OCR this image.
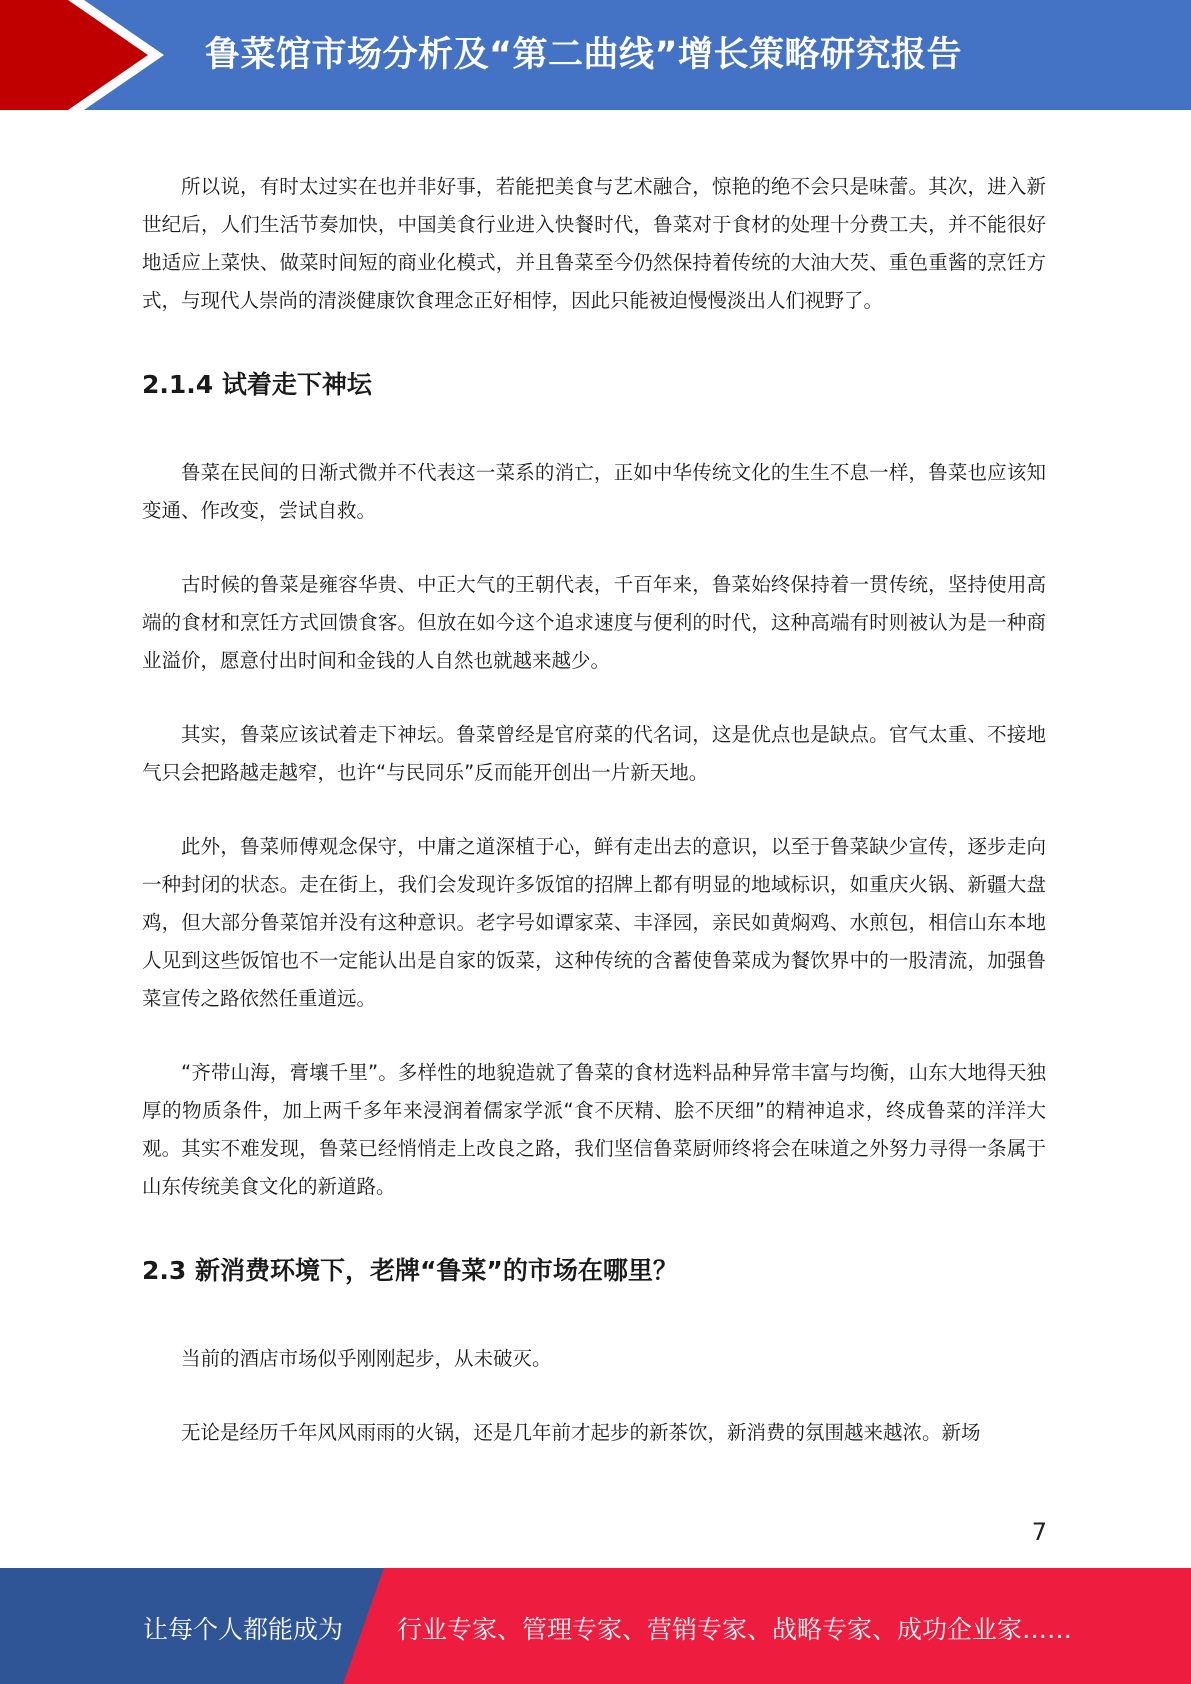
鲁菜馆市场分析及“第二曲线”增长策略研究报告

所以说，有时太过实在也并非好事，若能把美食与艺术融合，惊艳的绝不会只是味蕾。其次，进入新世纪后，人们生活节奏加快，中国美食行业进入快餐时代，鲁菜对于食材的处理十分费工夫，并不能很好地适应上菜快、做菜时间短的商业化模式，并且鲁菜至今仍然保持着传统的大油大芡、重色重酱的烹饪方式，与现代人崇尚的清淡健康饮食理念正好相悖，因此只能被迫慢慢淡出人们视野了。

2.1.4 试着走下神坛

鲁菜在民间的日渐式微并不代表这一菜系的消亡，正如中华传统文化的生生不息一样，鲁菜也应该知变通、作改变，尝试自救。

古时候的鲁菜是雍容华贵、中正大气的王朝代表，千百年来，鲁菜始终保持着一贯传统，坚持使用高端的食材和烹饪方式回馈食客。但放在如今这个追求速度与便利的时代，这种高端有时则被认为是一种商业溢价，愿意付出时间和金钱的人自然也就越来越少。

其实，鲁菜应该试着走下神坛。鲁菜曾经是官府菜的代名词，这是优点也是缺点。官气太重、不接地气只会把路越走越窄，也许“与民同乐”反而能开创出一片新天地。

此外，鲁菜师傅观念保守，中庸之道深植于心，鲜有走出去的意识，以至于鲁菜缺少宣传，逐步走向一种封闭的状态。走在街上，我们会发现许多饭馆的招牌上都有明显的地域标识，如重庆火锅、新疆大盘鸡，但大部分鲁菜馆并没有这种意识。老字号如谭家菜、丰泽园，亲民如黄焖鸡、水煎包，相信山东本地人见到这些饭馆也不一定能认出是自家的饭菜，这种传统的含蓄使鲁菜成为餐饮界中的一股清流，加强鲁菜宣传之路依然任重道远。

“齐带山海，膏壤千里”。多样性的地貌造就了鲁菜的食材选料品种异常丰富与均衡，山东大地得天独厚的物质条件，加上两千多年来浸润着儒家学派“食不厌精、脍不厌细”的精神追求，终成鲁菜的洋洋大观。其实不难发现，鲁菜已经悄悄走上改良之路，我们坚信鲁菜厨师终将会在味道之外努力寻得一条属于山东传统美食文化的新道路。

2.3 新消费环境下，老牌“鲁菜”的市场在哪里？

当前的酒店市场似乎刚刚起步，从未破灭。

无论是经历千年风风雨雨的火锅，还是几年前才起步的新茶饮，新消费的氛围越来越浓。新场

7
让每个人都能成为 行业专家、管理专家、营销专家、战略专家、成功企业家……
